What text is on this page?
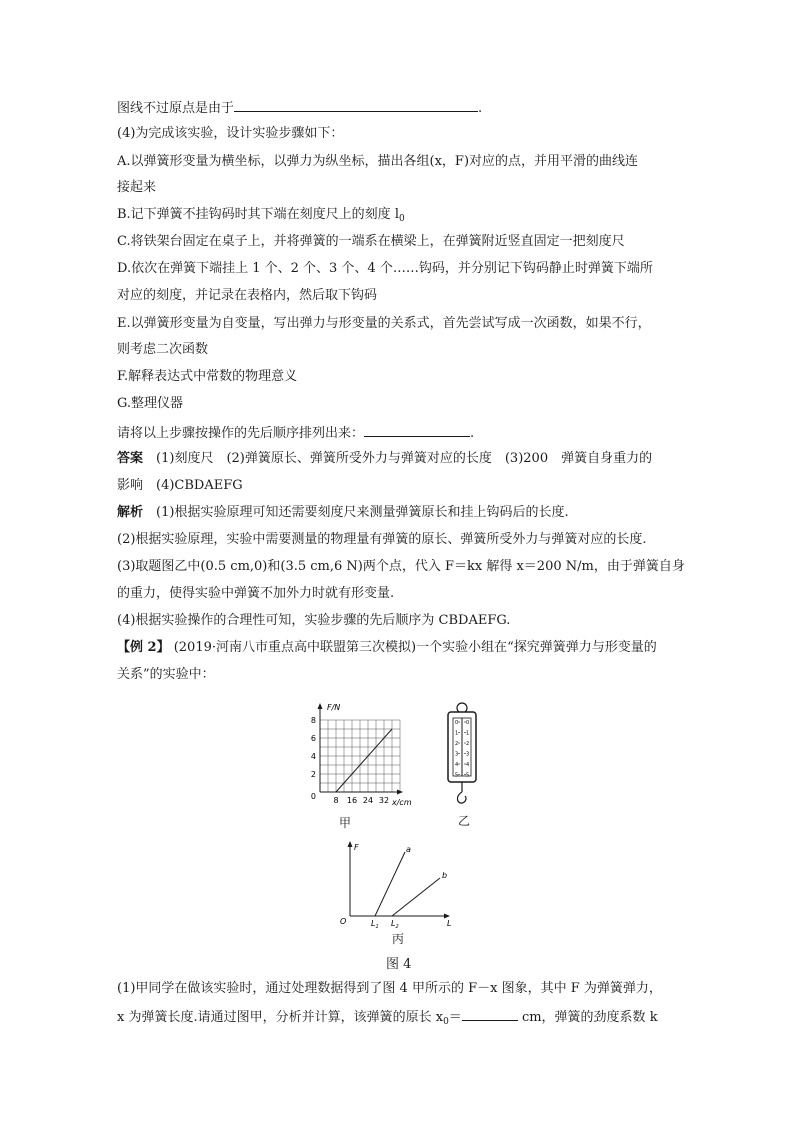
图线不过原点是由于	.
(4)为完成该实验，设计实验步骤如下：
A.以弹簧形变量为横坐标，以弹力为纵坐标，描出各组(x，F)对应的点，并用平滑的曲线连
接起来
B.记下弹簧不挂钩码时其下端在刻度尺上的刻度 $l_0$
C.将铁架台固定在桌子上，并将弹簧的一端系在横梁上，在弹簧附近竖直固定一把刻度尺
D.依次在弹簧下端挂上 1 个、2 个、3 个、4 个……钩码，并分别记下钩码静止时弹簧下端所
对应的刻度，并记录在表格内，然后取下钩码
E.以弹簧形变量为自变量，写出弹力与形变量的关系式，首先尝试写成一次函数，如果不行，
则考虑二次函数
F.解释表达式中常数的物理意义
G.整理仪器
请将以上步骤按操作的先后顺序排列出来：	.
答案　 (1)刻度尺　(2)弹簧原长、弹簧所受外力与弹簧对应的长度　(3)200　弹簧自身重力的
影响　(4)CBDAEFG
解析　 (1)根据实验原理可知还需要刻度尺来测量弹簧原长和挂上钩码后的长度.
(2)根据实验原理，实验中需要测量的物理量有弹簧的原长、弹簧所受外力与弹簧对应的长度.
(3)取题图乙中(0.5 cm,0)和(3.5 cm,6 N)两个点，代入 F＝kx 解得 x＝200 N/m，由于弹簧自身
的重力，使得实验中弹簧不加外力时就有形变量.
(4)根据实验操作的合理性可知，实验步骤的先后顺序为 CBDAEFG.
【例 2】 (2019·河南八市重点高中联盟第三次模拟)一个实验小组在“探究弹簧弹力与形变量的
关系”的实验中：
F/N
x/cm
8
6
4
2
0 8 16 24 32
甲
0 0
1 1
2 2
3 3
4 4
5 5
乙
F
L
O
a
b
$L_1$ $L_2$
丙
图 4
(1)甲同学在做该实验时，通过处理数据得到了图 4 甲所示的 F－x 图象，其中 F 为弹簧弹力，
x 为弹簧长度.请通过图甲，分析并计算，该弹簧的原长 $x_0=$	cm，弹簧的劲度系数 k
